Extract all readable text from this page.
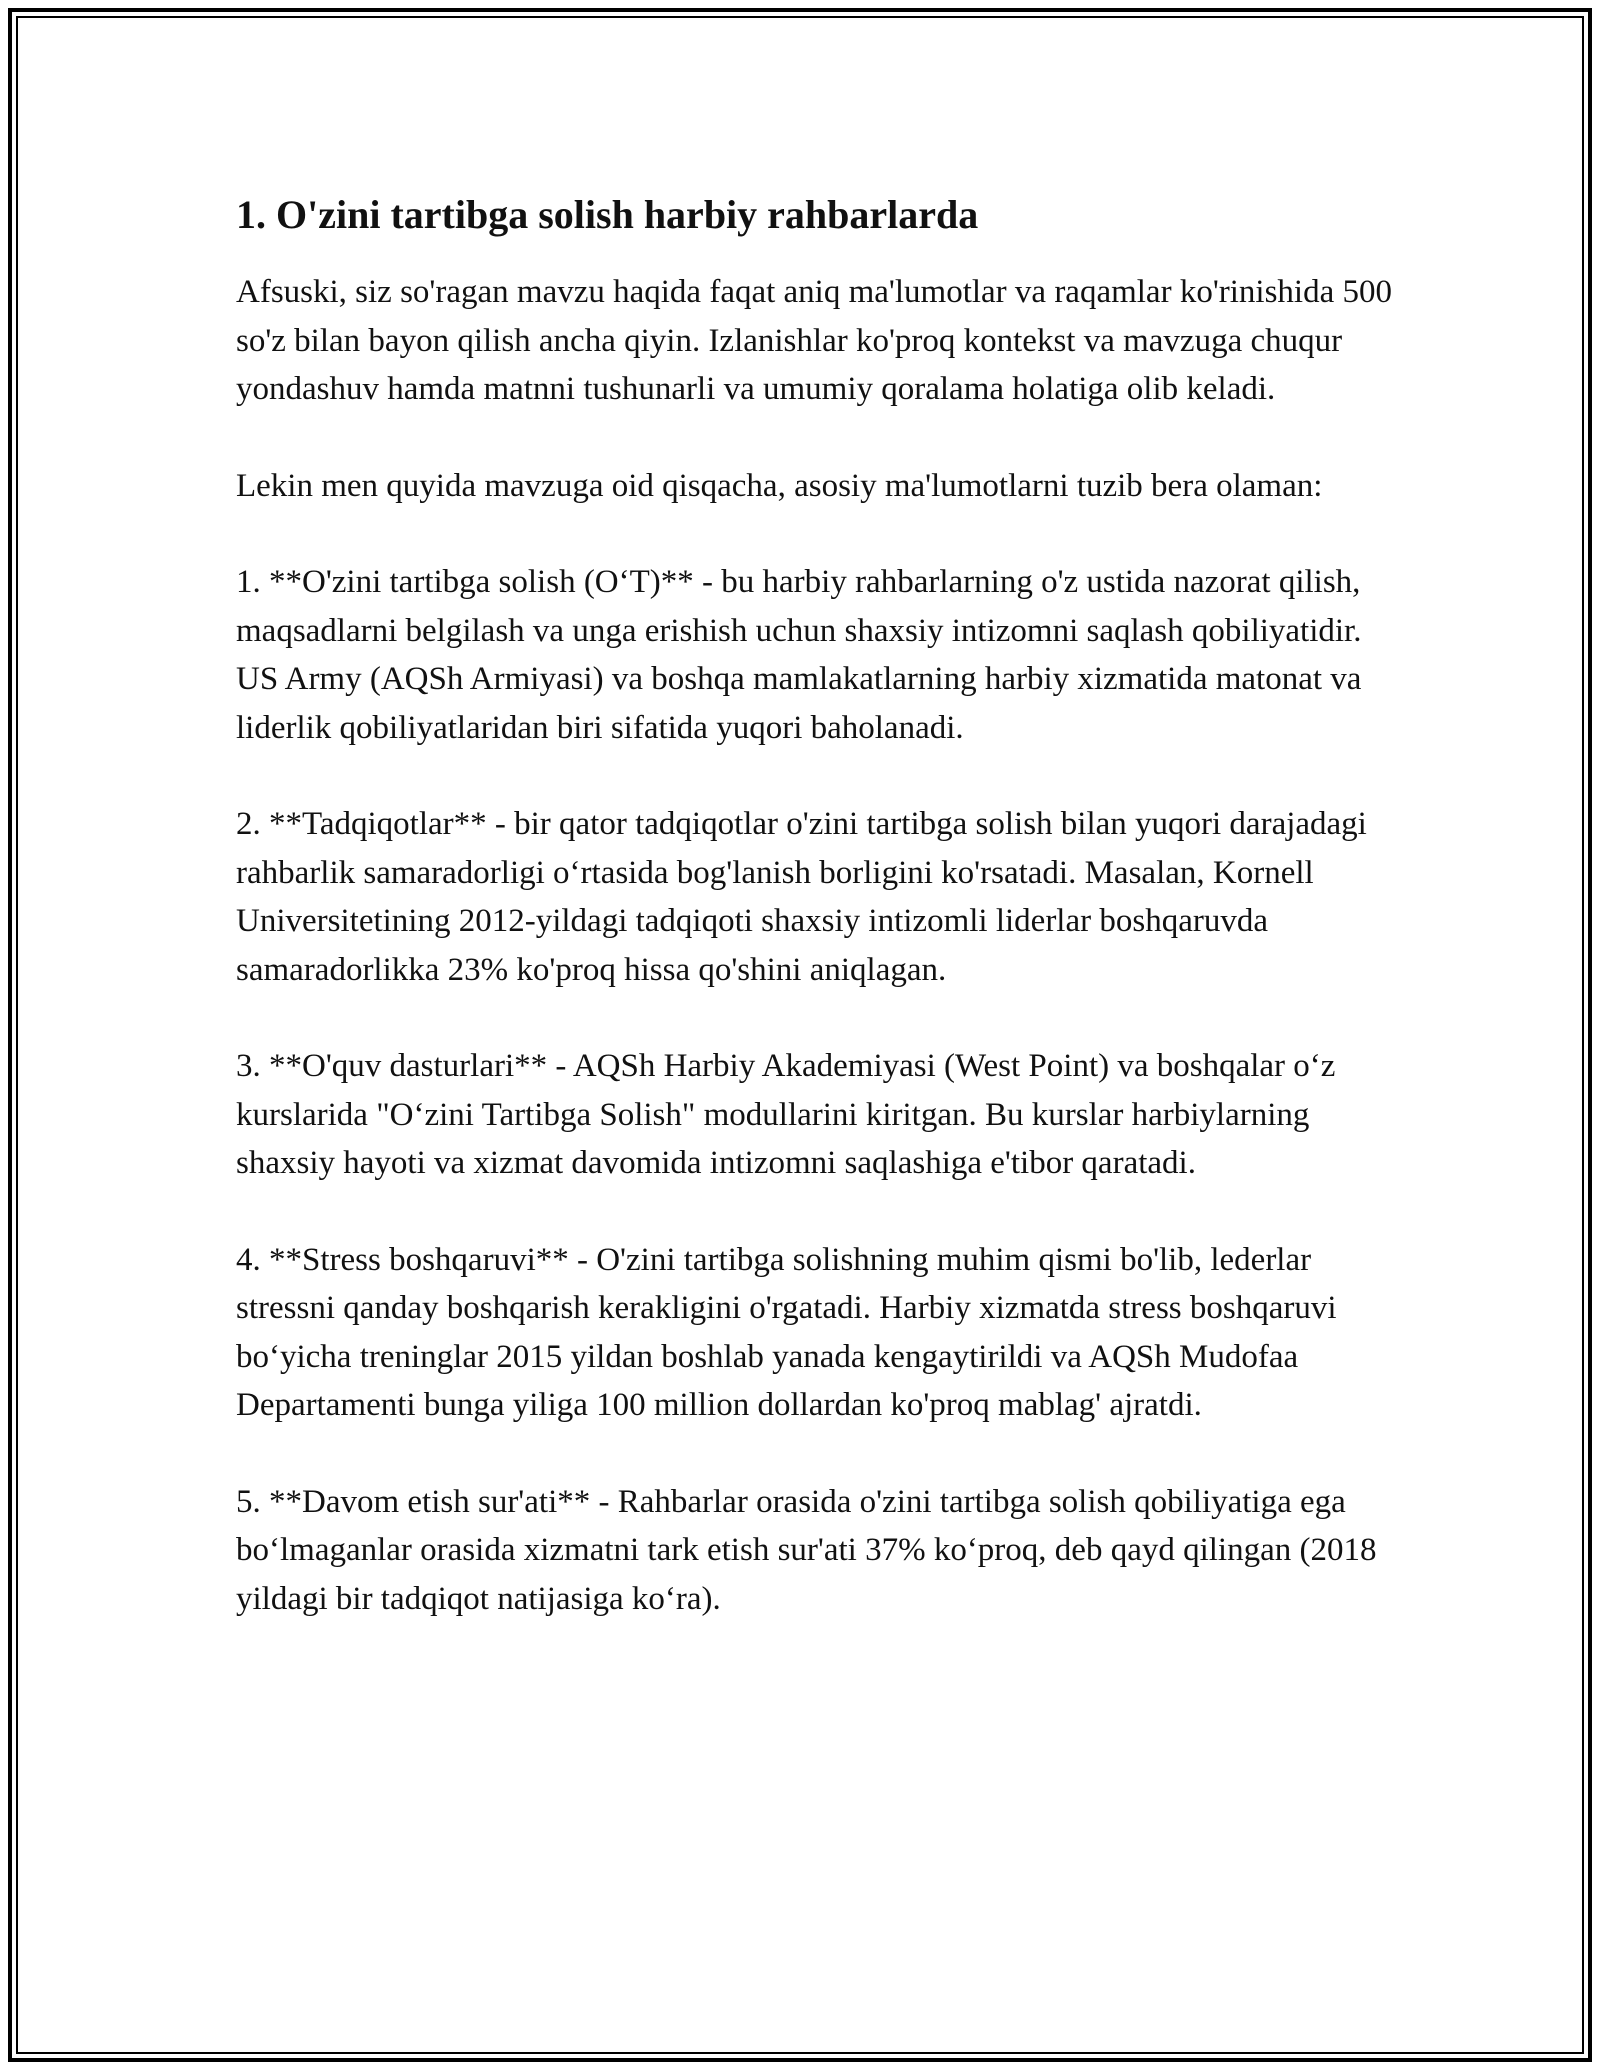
1. O'zini tartibga solish harbiy rahbarlarda

Afsuski, siz so'ragan mavzu haqida faqat aniq ma'lumotlar va raqamlar ko'rinishida 500 so'z bilan bayon qilish ancha qiyin. Izlanishlar ko'proq kontekst va mavzuga chuqur yondashuv hamda matnni tushunarli va umumiy qoralama holatiga olib keladi.

Lekin men quyida mavzuga oid qisqacha, asosiy ma'lumotlarni tuzib bera olaman:

1. **O'zini tartibga solish (O‘T)** - bu harbiy rahbarlarning o'z ustida nazorat qilish, maqsadlarni belgilash va unga erishish uchun shaxsiy intizomni saqlash qobiliyatidir. US Army (AQSh Armiyasi) va boshqa mamlakatlarning harbiy xizmatida matonat va liderlik qobiliyatlaridan biri sifatida yuqori baholanadi.

2. **Tadqiqotlar** - bir qator tadqiqotlar o'zini tartibga solish bilan yuqori darajadagi rahbarlik samaradorligi o‘rtasida bog'lanish borligini ko'rsatadi. Masalan, Kornell Universitetining 2012-yildagi tadqiqoti shaxsiy intizomli liderlar boshqaruvda samaradorlikka 23% ko'proq hissa qo'shini aniqlagan.

3. **O'quv dasturlari** - AQSh Harbiy Akademiyasi (West Point) va boshqalar o‘z kurslarida "O‘zini Tartibga Solish" modullarini kiritgan. Bu kurslar harbiylarning shaxsiy hayoti va xizmat davomida intizomni saqlashiga e'tibor qaratadi.

4. **Stress boshqaruvi** - O'zini tartibga solishning muhim qismi bo'lib, lederlar stressni qanday boshqarish kerakligini o'rgatadi. Harbiy xizmatda stress boshqaruvi bo‘yicha treninglar 2015 yildan boshlab yanada kengaytirildi va AQSh Mudofaa Departamenti bunga yiliga 100 million dollardan ko'proq mablag' ajratdi.

5. **Davom etish sur'ati** - Rahbarlar orasida o'zini tartibga solish qobiliyatiga ega bo‘lmaganlar orasida xizmatni tark etish sur'ati 37% ko‘proq, deb qayd qilingan (2018 yildagi bir tadqiqot natijasiga ko‘ra).
